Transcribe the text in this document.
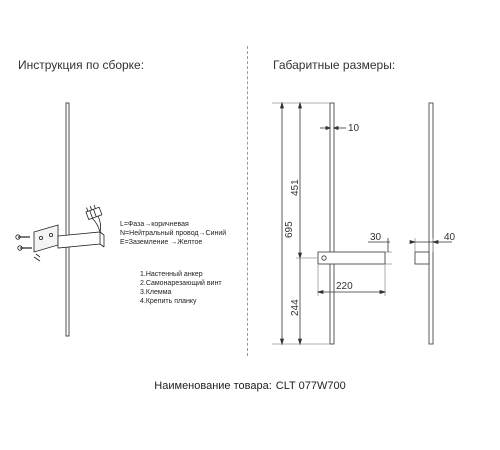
Инструкция по сборке:	Габаритные размеры:
10
451
695
244
30
220
40
L=Фаза→коричневая
N=Нейтральный провод→Синий
E=Заземление →Желтое
1.Настенный анкер
2.Самонарезающий винт
3.Клемма
4.Крепить планку
Наименование товара: CLT 077W700
